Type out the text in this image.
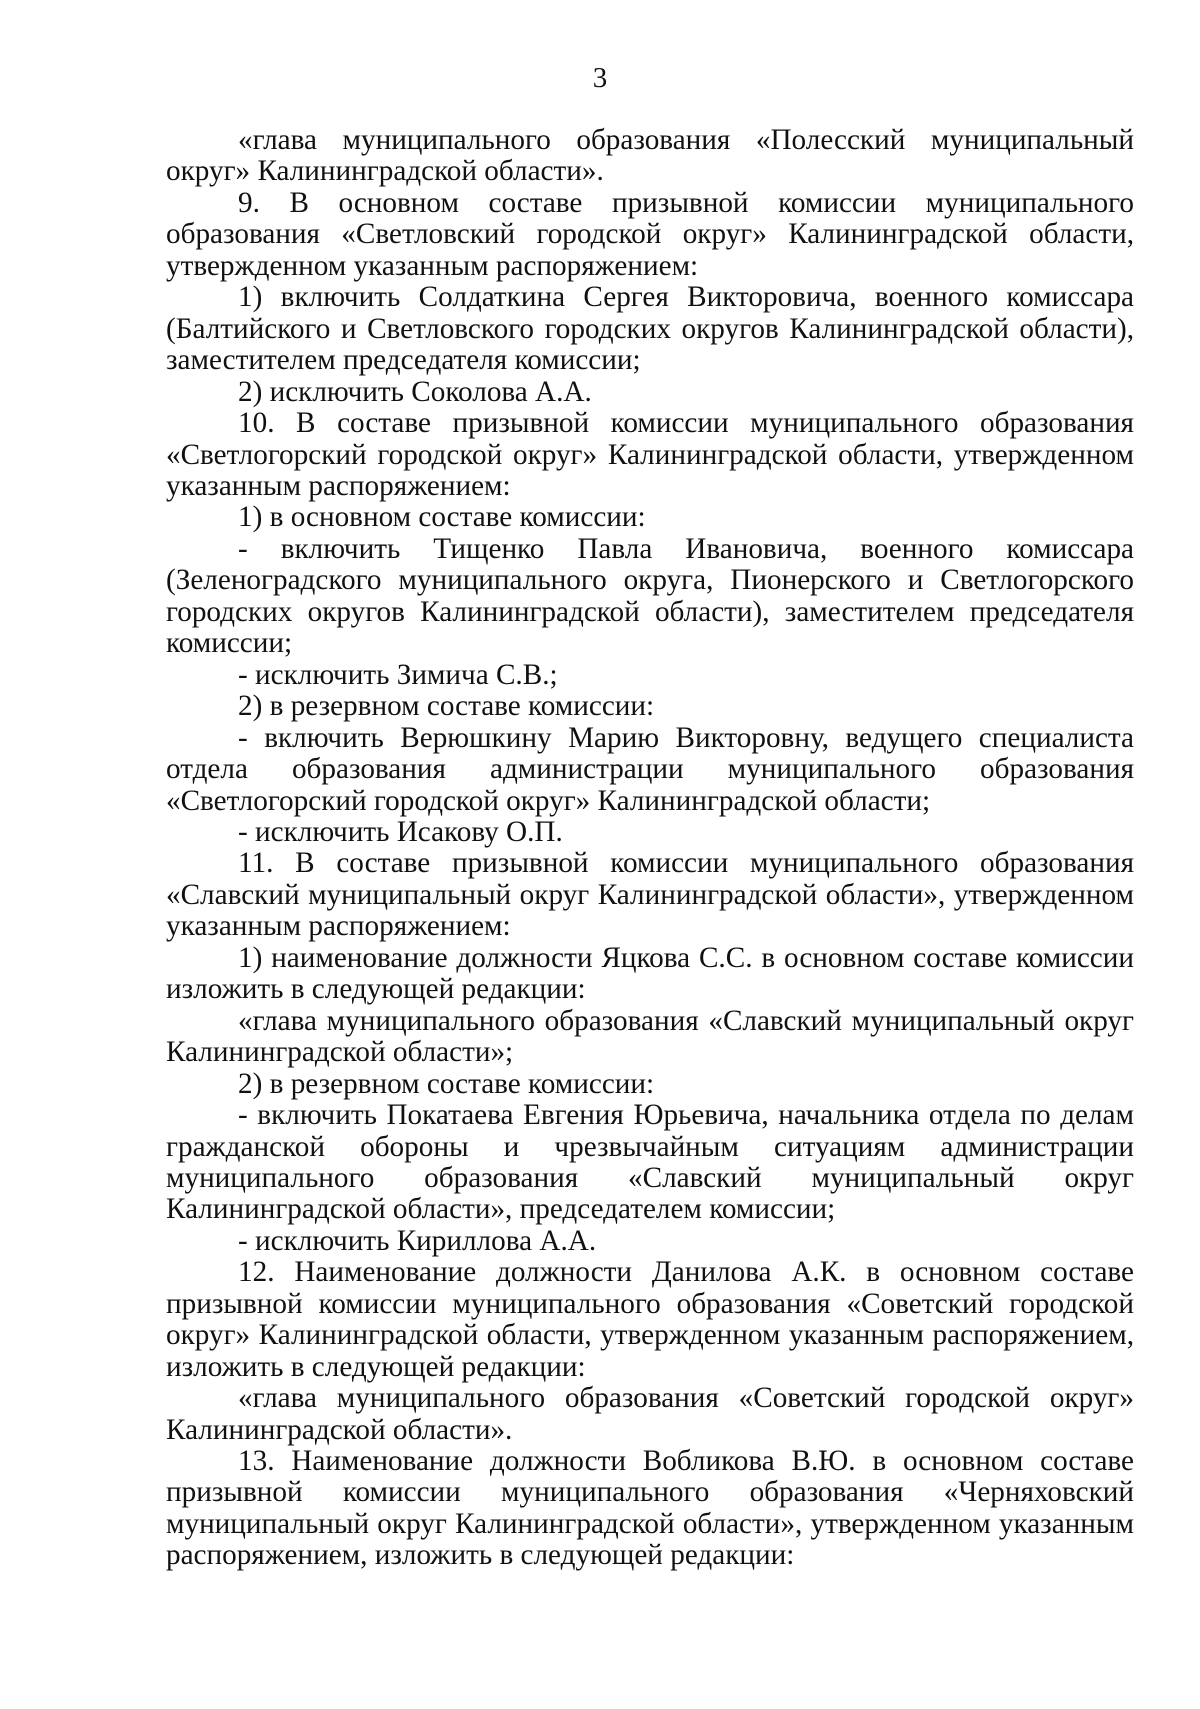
3

«глава муниципального образования «Полесский муниципальный округ» Калининградской области».

9. В основном составе призывной комиссии муниципального образования «Светловский городской округ» Калининградской области, утвержденном указанным распоряжением:

1) включить Солдаткина Сергея Викторовича, военного комиссара (Балтийского и Светловского городских округов Калининградской области), заместителем председателя комиссии;

2) исключить Соколова А.А.

10. В составе призывной комиссии муниципального образования «Светлогорский городской округ» Калининградской области, утвержденном указанным распоряжением:

1) в основном составе комиссии:

- включить Тищенко Павла Ивановича, военного комиссара (Зеленоградского муниципального округа, Пионерского и Светлогорского городских округов Калининградской области), заместителем председателя комиссии;

- исключить Зимича С.В.;

2) в резервном составе комиссии:

- включить Верюшкину Марию Викторовну, ведущего специалиста отдела образования администрации муниципального образования «Светлогорский городской округ» Калининградской области;

- исключить Исакову О.П.

11. В составе призывной комиссии муниципального образования «Славский муниципальный округ Калининградской области», утвержденном указанным распоряжением:

1) наименование должности Яцкова С.С. в основном составе комиссии изложить в следующей редакции:

«глава муниципального образования «Славский муниципальный округ Калининградской области»;

2) в резервном составе комиссии:

- включить Покатаева Евгения Юрьевича, начальника отдела по делам гражданской обороны и чрезвычайным ситуациям администрации муниципального образования «Славский муниципальный округ Калининградской области», председателем комиссии;

- исключить Кириллова А.А.

12. Наименование должности Данилова А.К. в основном составе призывной комиссии муниципального образования «Советский городской округ» Калининградской области, утвержденном указанным распоряжением, изложить в следующей редакции:

«глава муниципального образования «Советский городской округ» Калининградской области».

13. Наименование должности Вобликова В.Ю. в основном составе призывной комиссии муниципального образования «Черняховский муниципальный округ Калининградской области», утвержденном указанным распоряжением, изложить в следующей редакции:
